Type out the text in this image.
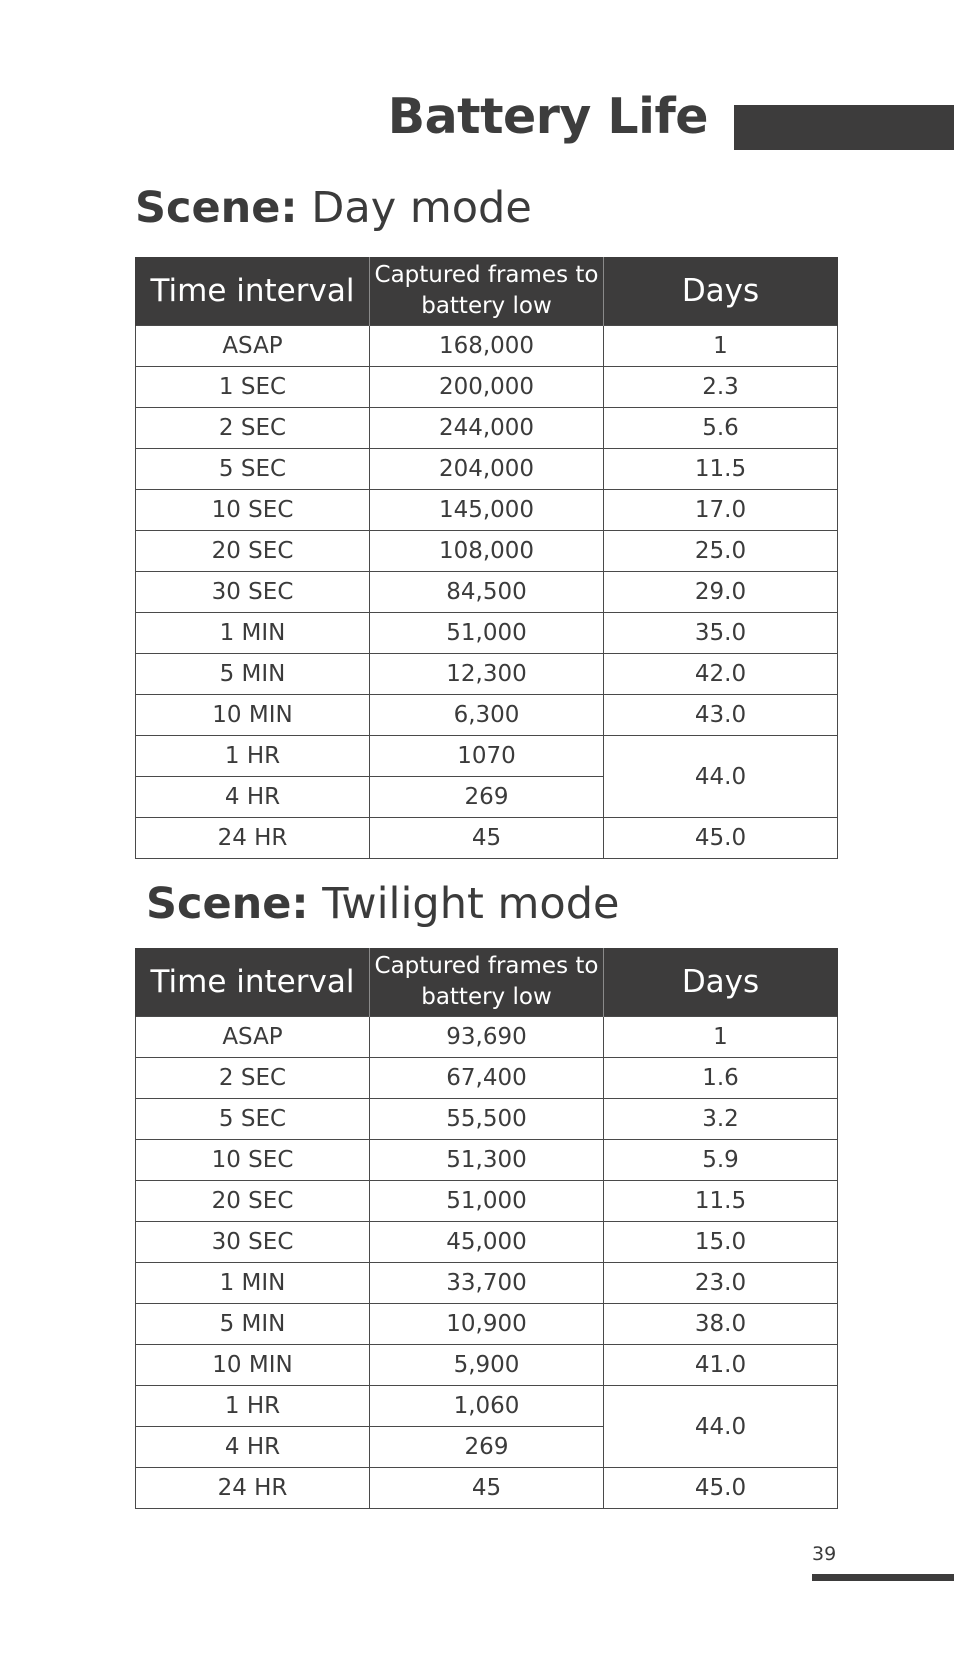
Battery Life
Scene: Day mode
Time interval	Captured frames to battery low	Days
ASAP	168,000	1
1 SEC	200,000	2.3
2 SEC	244,000	5.6
5 SEC	204,000	11.5
10 SEC	145,000	17.0
20 SEC	108,000	25.0
30 SEC	84,500	29.0
1 MIN	51,000	35.0
5 MIN	12,300	42.0
10 MIN	6,300	43.0
1 HR	1070	44.0
4 HR	269	
24 HR	45	45.0
Scene: Twilight mode
Time interval	Captured frames to battery low	Days
ASAP	93,690	1
2 SEC	67,400	1.6
5 SEC	55,500	3.2
10 SEC	51,300	5.9
20 SEC	51,000	11.5
30 SEC	45,000	15.0
1 MIN	33,700	23.0
5 MIN	10,900	38.0
10 MIN	5,900	41.0
1 HR	1,060	44.0
4 HR	269	
24 HR	45	45.0
39
